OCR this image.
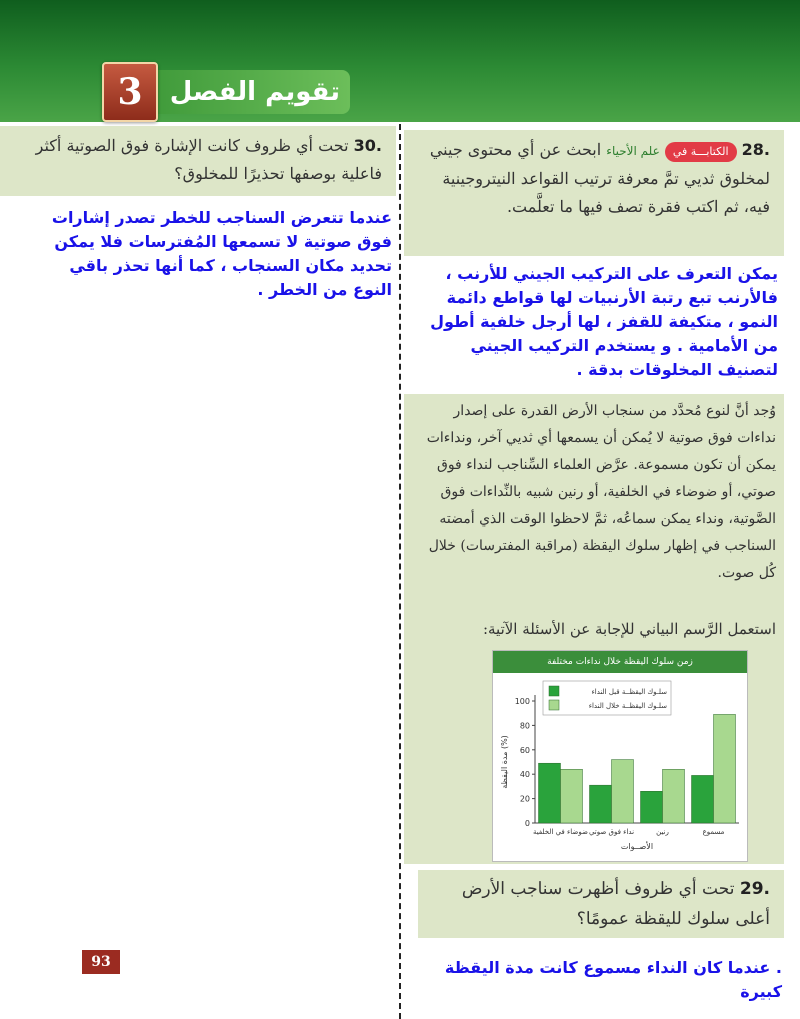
تقويم الفصل
3
.30 تحت أي ظروف كانت الإشارة فوق الصوتية أكثر فاعلية بوصفها تحذيرًا للمخلوق؟
عندما تتعرض السناجب للخطر تصدر إشارات فوق صوتية لا تسمعها المُفترسات فلا يمكن تحديد مكان السنجاب ، كما أنها تحذر باقي النوع من الخطر .
.28 الكتابـــة في علم الأحياء ابحث عن أي محتوى جيني لمخلوق ثديي تمَّ معرفة ترتيب القواعد النيتروجينية فيه، ثم اكتب فقرة تصف فيها ما تعلَّمت.
يمكن التعرف على التركيب الجيني للأرنب ، فالأرنب تبع رتبة الأرنبيات لها قواطع دائمة النمو ، متكيفة للقفز ، لها أرجل خلفية أطول من الأمامية . و يستخدم التركيب الجيني لتصنيف المخلوقات بدقة .
وُجد أنَّ لنوع مُحدَّد من سنجاب الأرض القدرة على إصدار نداءات فوق صوتية لا يُمكن أن يسمعها أي ثديي آخر، ونداءات يمكن أن تكون مسموعة. عرَّض العلماء السِّناجب لنداء فوق صوتي، أو ضوضاء في الخلفية، أو رنين شبيه بالنِّداءات فوق الصَّوتية، ونداء يمكن سماعُه، ثمَّ لاحظوا الوقت الذي أمضته السناجب في إظهار سلوك اليقظة (مراقبة المفترسات) خلال كُل صوت.
استعمل الرَّسم البياني للإجابة عن الأسئلة الآتية:
زمن سلوك اليقظة خلال نداءات مختلفة
0
20
40
60
80
100
مدة اليقظة (%)
ضوضاء في الخلفية نداء فوق صوتي	رنين	مسموع
الأصــوات
سلـوك اليقظــة قبل النداء
سلـوك اليقظــة خلال النداء
.29 تحت أي ظروف أظهرت سناجب الأرض أعلى سلوك لليقظة عمومًا؟
. عندما كان النداء مسموع كانت مدة اليقظة كبيرة
93
